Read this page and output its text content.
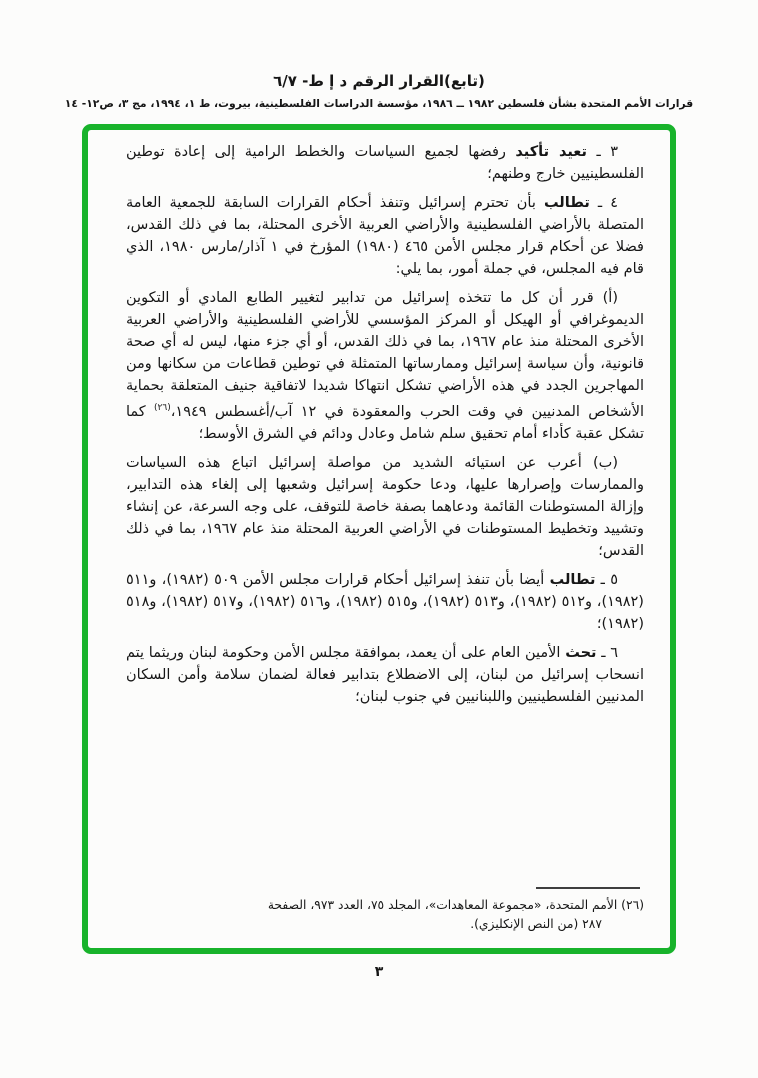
(تابع)القرار الرقم د إ ط- ٦/٧
قرارات الأمم المتحدة بشأن فلسطين ١٩٨٢ ــ ١٩٨٦، مؤسسة الدراسات الفلسطينية، بيروت، ط ١، ١٩٩٤، مج ٣، ص١٢- ١٤

٣ ـ تعيد تأكيد رفضها لجميع السياسات والخطط الرامية إلى إعادة توطين الفلسطينيين خارج وطنهم؛

٤ ـ تطالب بأن تحترم إسرائيل وتنفذ أحكام القرارات السابقة للجمعية العامة المتصلة بالأراضي الفلسطينية والأراضي العربية الأخرى المحتلة، بما في ذلك القدس، فضلا عن أحكام قرار مجلس الأمن ٤٦٥ (١٩٨٠) المؤرخ في ١ آذار/مارس ١٩٨٠، الذي قام فيه المجلس، في جملة أمور، بما يلي:

(أ) قرر أن كل ما تتخذه إسرائيل من تدابير لتغيير الطابع المادي أو التكوين الديموغرافي أو الهيكل أو المركز المؤسسي للأراضي الفلسطينية والأراضي العربية الأخرى المحتلة منذ عام ١٩٦٧، بما في ذلك القدس، أو أي جزء منها، ليس له أي صحة قانونية، وأن سياسة إسرائيل وممارساتها المتمثلة في توطين قطاعات من سكانها ومن المهاجرين الجدد في هذه الأراضي تشكل انتهاكا شديدا لاتفاقية جنيف المتعلقة بحماية الأشخاص المدنيين في وقت الحرب والمعقودة في ١٢ آب/أغسطس ١٩٤٩،$^{(٢٦)}$ كما تشكل عقبة كأداء أمام تحقيق سلم شامل وعادل ودائم في الشرق الأوسط؛

(ب) أعرب عن استيائه الشديد من مواصلة إسرائيل اتباع هذه السياسات والممارسات وإصرارها عليها، ودعا حكومة إسرائيل وشعبها إلى إلغاء هذه التدابير، وإزالة المستوطنات القائمة ودعاهما بصفة خاصة للتوقف، على وجه السرعة، عن إنشاء وتشييد وتخطيط المستوطنات في الأراضي العربية المحتلة منذ عام ١٩٦٧، بما في ذلك القدس؛

٥ ـ تطالب أيضا بأن تنفذ إسرائيل أحكام قرارات مجلس الأمن ٥٠٩ (١٩٨٢)، و٥١١ (١٩٨٢)، و٥١٢ (١٩٨٢)، و٥١٣ (١٩٨٢)، و٥١٥ (١٩٨٢)، و٥١٦ (١٩٨٢)، و٥١٧ (١٩٨٢)، و٥١٨ (١٩٨٢)؛

٦ ـ تحث الأمين العام على أن يعمد، بموافقة مجلس الأمن وحكومة لبنان وريثما يتم انسحاب إسرائيل من لبنان، إلى الاضطلاع بتدابير فعالة لضمان سلامة وأمن السكان المدنيين الفلسطينيين واللبنانيين في جنوب لبنان؛

(٢٦) الأمم المتحدة، «مجموعة المعاهدات»، المجلد ٧٥، العدد ٩٧٣، الصفحة
٢٨٧ (من النص الإنكليزي).
٣
